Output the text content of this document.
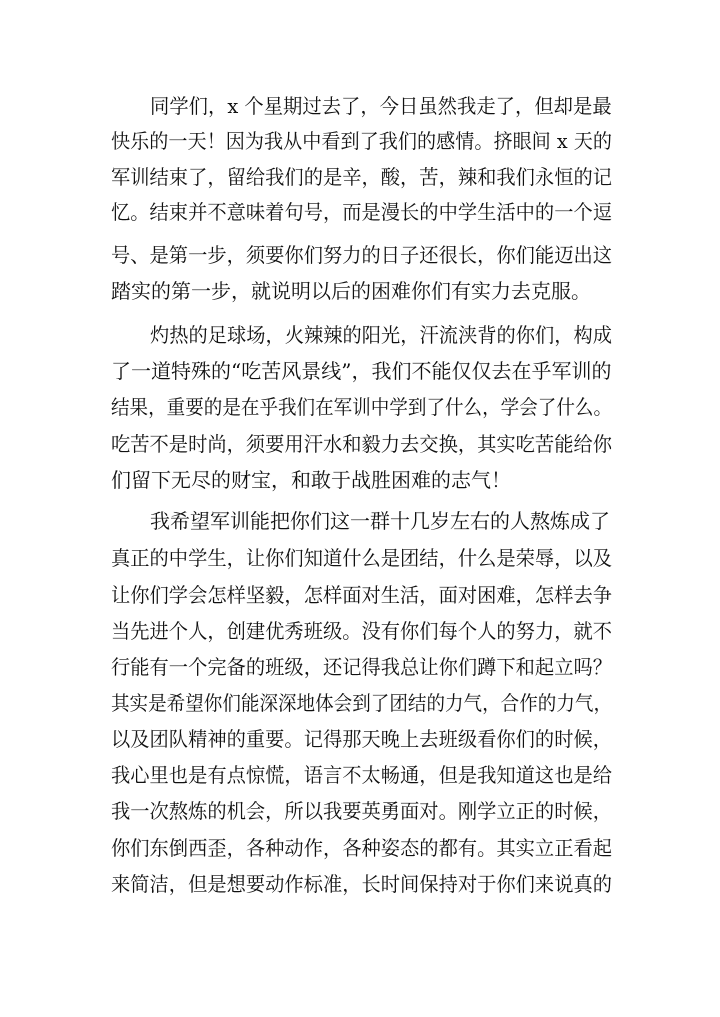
同学们，x 个星期过去了，今日虽然我走了，但却是最
快乐的一天！因为我从中看到了我们的感情。挤眼间 x 天的
军训结束了，留给我们的是辛，酸，苦，辣和我们永恒的记
忆。结束并不意味着句号，而是漫长的中学生活中的一个逗
号、是第一步，须要你们努力的日子还很长，你们能迈出这
踏实的第一步，就说明以后的困难你们有实力去克服。
灼热的足球场，火辣辣的阳光，汗流浃背的你们，构成
了一道特殊的“吃苦风景线”，我们不能仅仅去在乎军训的
结果，重要的是在乎我们在军训中学到了什么，学会了什么。
吃苦不是时尚，须要用汗水和毅力去交换，其实吃苦能给你
们留下无尽的财宝，和敢于战胜困难的志气！
我希望军训能把你们这一群十几岁左右的人熬炼成了
真正的中学生，让你们知道什么是团结，什么是荣辱，以及
让你们学会怎样坚毅，怎样面对生活，面对困难，怎样去争
当先进个人，创建优秀班级。没有你们每个人的努力，就不
行能有一个完备的班级，还记得我总让你们蹲下和起立吗？
其实是希望你们能深深地体会到了团结的力气，合作的力气，
以及团队精神的重要。记得那天晚上去班级看你们的时候，
我心里也是有点惊慌，语言不太畅通，但是我知道这也是给
我一次熬炼的机会，所以我要英勇面对。刚学立正的时候，
你们东倒西歪，各种动作，各种姿态的都有。其实立正看起
来简洁，但是想要动作标准，长时间保持对于你们来说真的
